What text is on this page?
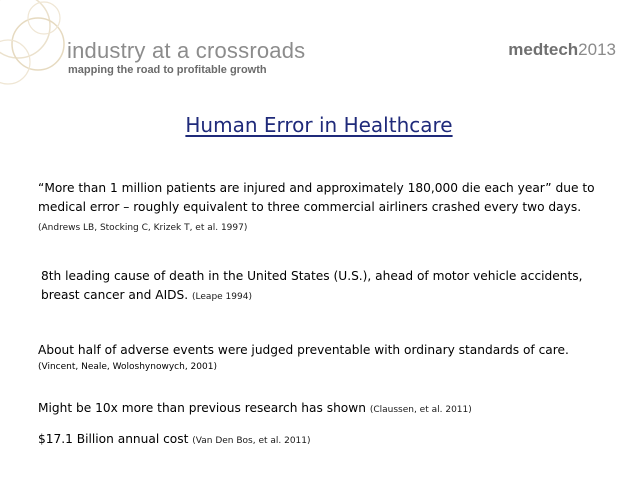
industry at a crossroads
mapping the road to profitable growth
medtech2013
Human Error in Healthcare
“More than 1 million patients are injured and approximately 180,000 die each year” due to medical error – roughly equivalent to three commercial airliners crashed every two days. (Andrews LB, Stocking C, Krizek T, et al. 1997)
8th leading cause of death in the United States (U.S.), ahead of motor vehicle accidents, breast cancer and AIDS. (Leape 1994)
About half of adverse events were judged preventable with ordinary standards of care.
(Vincent, Neale, Woloshynowych, 2001)
Might be 10x more than previous research has shown (Claussen, et al. 2011)
$17.1 Billion annual cost (Van Den Bos, et al. 2011)
